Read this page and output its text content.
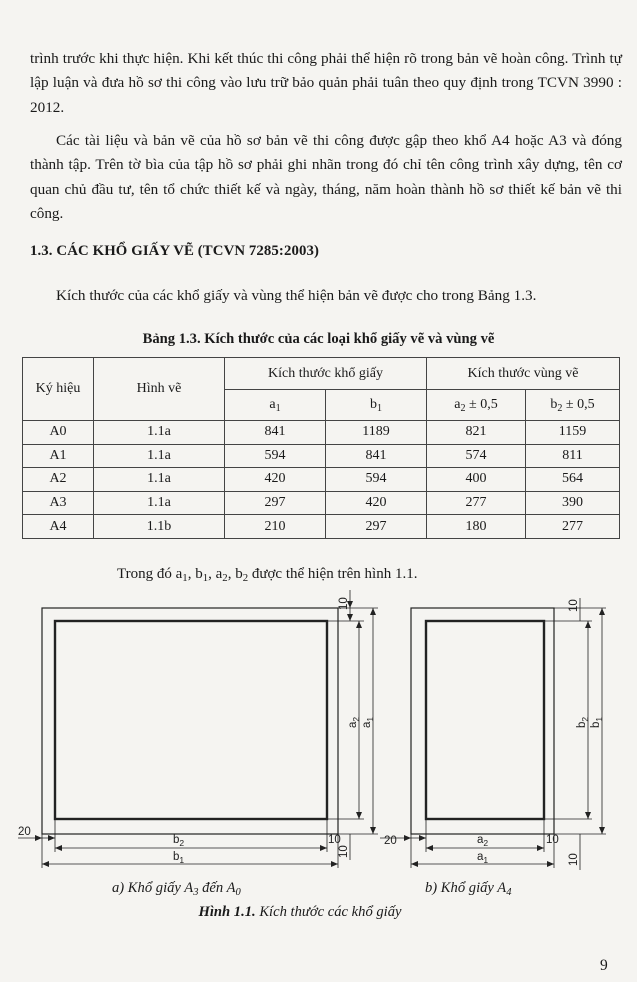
trình trước khi thực hiện. Khi kết thúc thi công phải thể hiện rõ trong bản vẽ hoàn công. Trình tự lập luận và đưa hồ sơ thi công vào lưu trữ bảo quản phải tuân theo quy định trong TCVN 3990 : 2012.

Các tài liệu và bản vẽ của hồ sơ bản vẽ thi công được gập theo khổ A4 hoặc A3 và đóng thành tập. Trên tờ bìa của tập hồ sơ phải ghi nhãn trong đó chỉ tên công trình xây dựng, tên cơ quan chủ đầu tư, tên tổ chức thiết kế và ngày, tháng, năm hoàn thành hồ sơ thiết kế bản vẽ thi công.

1.3. CÁC KHỔ GIẤY VẼ (TCVN 7285:2003)

Kích thước của các khổ giấy và vùng thể hiện bản vẽ được cho trong Bảng 1.3.

Bảng 1.3. Kích thước của các loại khổ giấy vẽ và vùng vẽ
Ký hiệu	Hình vẽ	Kích thước khổ giấy		Kích thước vùng vẽ	
		$a_1$	$b_1$	$a_2 \pm 0,5$	$b_2 \pm 0,5$
A0	1.1a	841	1189	821	1159
A1	1.1a	594	841	574	811
A2	1.1a	420	594	400	564
A3	1.1a	297	420	277	390
A4	1.1b	210	297	180	277
Trong đó $a_1$, $b_1$, $a_2$, $b_2$ được thể hiện trên hình 1.1.
10
10
20
10
$b_2$
$b_1$
$a_2$
$a_1$
10
10
20	10
$a_2$
$a_1$
$b_2$
$b_1$
a) Khổ giấy $A_3$ đến $A_0$	b) Khổ giấy $A_4$
Hình 1.1. Kích thước các khổ giấy
9
